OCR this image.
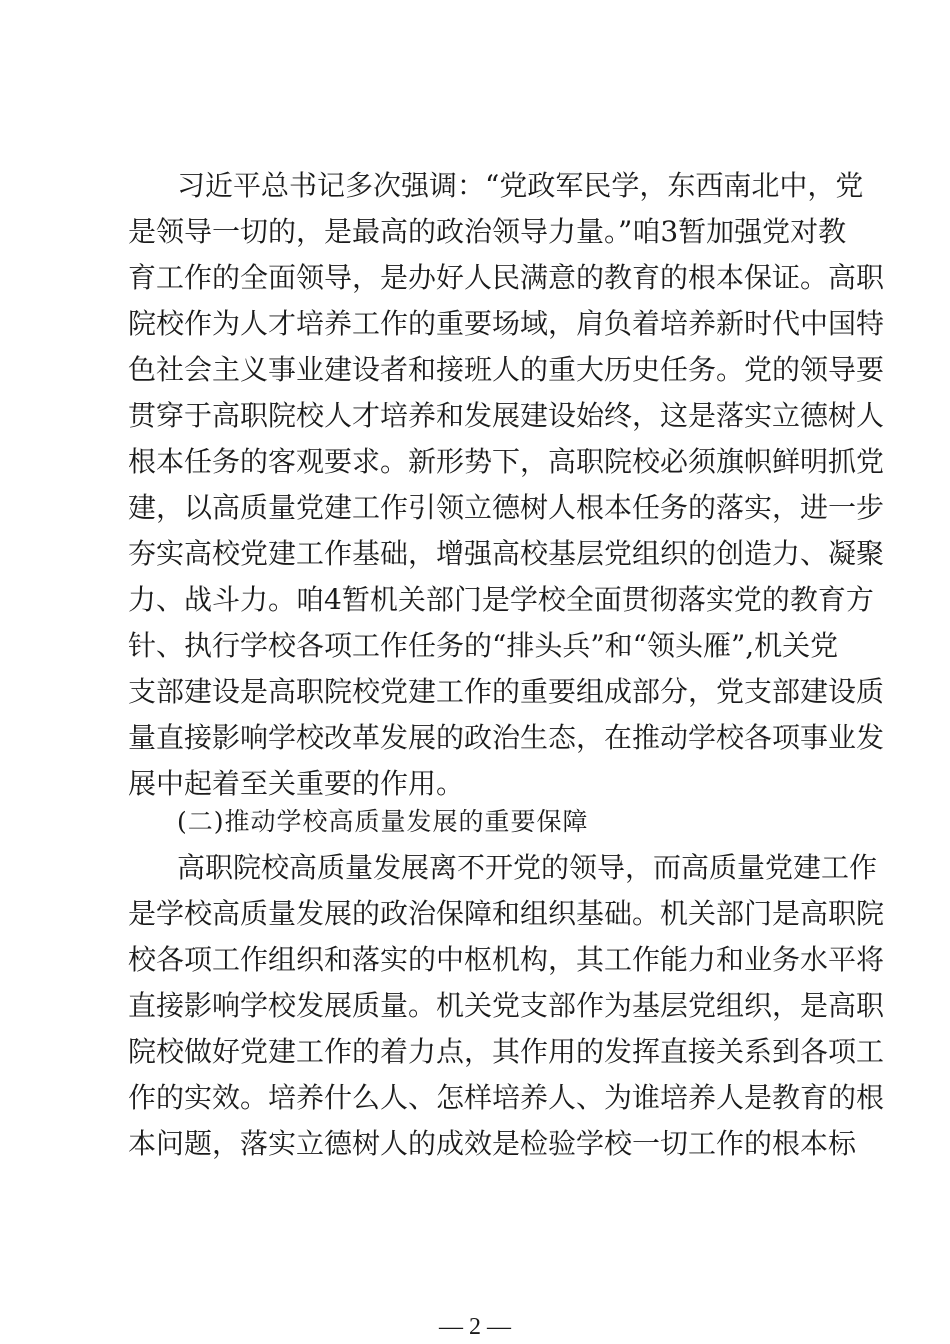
习近平总书记多次强调：“党政军民学，东西南北中，党
是领导一切的，是最高的政治领导力量。”咱3暂加强党对教
育工作的全面领导，是办好人民满意的教育的根本保证。高职
院校作为人才培养工作的重要场域，肩负着培养新时代中国特
色社会主义事业建设者和接班人的重大历史任务。党的领导要
贯穿于高职院校人才培养和发展建设始终，这是落实立德树人
根本任务的客观要求。新形势下，高职院校必须旗帜鲜明抓党
建，以高质量党建工作引领立德树人根本任务的落实，进一步
夯实高校党建工作基础，增强高校基层党组织的创造力、凝聚
力、战斗力。咱4暂机关部门是学校全面贯彻落实党的教育方
针、执行学校各项工作任务的“排头兵”和“领头雁”,机关党
支部建设是高职院校党建工作的重要组成部分，党支部建设质
量直接影响学校改革发展的政治生态，在推动学校各项事业发
展中起着至关重要的作用。
(二)推动学校高质量发展的重要保障
高职院校高质量发展离不开党的领导，而高质量党建工作
是学校高质量发展的政治保障和组织基础。机关部门是高职院
校各项工作组织和落实的中枢机构，其工作能力和业务水平将
直接影响学校发展质量。机关党支部作为基层党组织，是高职
院校做好党建工作的着力点，其作用的发挥直接关系到各项工
作的实效。培养什么人、怎样培养人、为谁培养人是教育的根
本问题，落实立德树人的成效是检验学校一切工作的根本标
— 2 —
